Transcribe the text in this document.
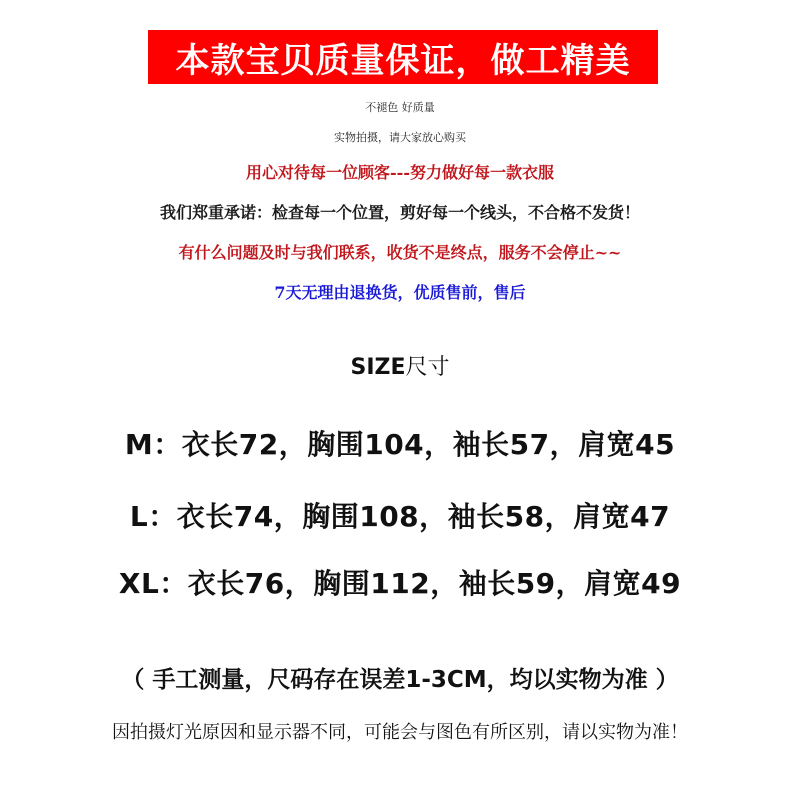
本款宝贝质量保证，做工精美
不褪色 好质量
实物拍摄，请大家放心购买
用心对待每一位顾客---努力做好每一款衣服
我们郑重承诺：检查每一个位置，剪好每一个线头，不合格不发货！
有什么问题及时与我们联系，收货不是终点，服务不会停止~~
7天无理由退换货，优质售前，售后
SIZE尺寸
M：衣长72，胸围104，袖长57，肩宽45
L：衣长74，胸围108，袖长58，肩宽47
XL：衣长76，胸围112，袖长59，肩宽49
（ 手工测量，尺码存在误差1-3CM，均以实物为准 ）
因拍摄灯光原因和显示器不同，可能会与图色有所区别，请以实物为准！
